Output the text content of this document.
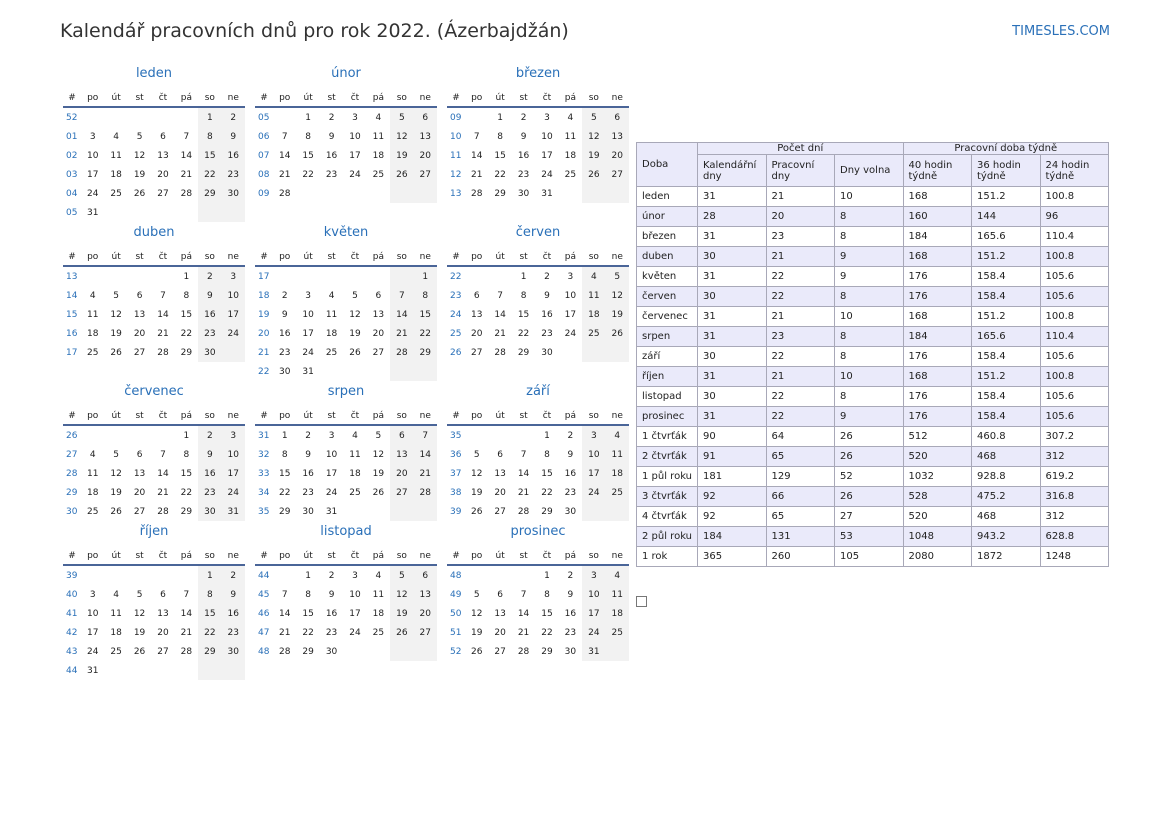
Kalendář pracovních dnů pro rok 2022. (Ázerbajdžán)	TIMESLES.COM
leden
#	po	út	st	čt	pá	so	ne
52						1	2
01	3	4	5	6	7	8	9
02	10	11	12	13	14	15	16
03	17	18	19	20	21	22	23
04	24	25	26	27	28	29	30
05	31						
únor
#	po	út	st	čt	pá	so	ne
05		1	2	3	4	5	6
06	7	8	9	10	11	12	13
07	14	15	16	17	18	19	20
08	21	22	23	24	25	26	27
09	28						
březen
#	po	út	st	čt	pá	so	ne
09		1	2	3	4	5	6
10	7	8	9	10	11	12	13
11	14	15	16	17	18	19	20
12	21	22	23	24	25	26	27
13	28	29	30	31			
duben
#	po	út	st	čt	pá	so	ne
13					1	2	3
14	4	5	6	7	8	9	10
15	11	12	13	14	15	16	17
16	18	19	20	21	22	23	24
17	25	26	27	28	29	30	
květen
#	po	út	st	čt	pá	so	ne
17							1
18	2	3	4	5	6	7	8
19	9	10	11	12	13	14	15
20	16	17	18	19	20	21	22
21	23	24	25	26	27	28	29
22	30	31					
červen
#	po	út	st	čt	pá	so	ne
22			1	2	3	4	5
23	6	7	8	9	10	11	12
24	13	14	15	16	17	18	19
25	20	21	22	23	24	25	26
26	27	28	29	30			
červenec
#	po	út	st	čt	pá	so	ne
26					1	2	3
27	4	5	6	7	8	9	10
28	11	12	13	14	15	16	17
29	18	19	20	21	22	23	24
30	25	26	27	28	29	30	31
srpen
#	po	út	st	čt	pá	so	ne
31	1	2	3	4	5	6	7
32	8	9	10	11	12	13	14
33	15	16	17	18	19	20	21
34	22	23	24	25	26	27	28
35	29	30	31				
září
#	po	út	st	čt	pá	so	ne
35				1	2	3	4
36	5	6	7	8	9	10	11
37	12	13	14	15	16	17	18
38	19	20	21	22	23	24	25
39	26	27	28	29	30		
říjen
#	po	út	st	čt	pá	so	ne
39						1	2
40	3	4	5	6	7	8	9
41	10	11	12	13	14	15	16
42	17	18	19	20	21	22	23
43	24	25	26	27	28	29	30
44	31						
listopad
#	po	út	st	čt	pá	so	ne
44		1	2	3	4	5	6
45	7	8	9	10	11	12	13
46	14	15	16	17	18	19	20
47	21	22	23	24	25	26	27
48	28	29	30				
prosinec
#	po	út	st	čt	pá	so	ne
48				1	2	3	4
49	5	6	7	8	9	10	11
50	12	13	14	15	16	17	18
51	19	20	21	22	23	24	25
52	26	27	28	29	30	31	
Doba	Počet dní			Pracovní doba týdně		
	Kalendářní dny	Pracovní dny	Dny volna	40 hodin týdně	36 hodin týdně	24 hodin týdně
leden	31	21	10	168	151.2	100.8
únor	28	20	8	160	144	96
březen	31	23	8	184	165.6	110.4
duben	30	21	9	168	151.2	100.8
květen	31	22	9	176	158.4	105.6
červen	30	22	8	176	158.4	105.6
červenec	31	21	10	168	151.2	100.8
srpen	31	23	8	184	165.6	110.4
září	30	22	8	176	158.4	105.6
říjen	31	21	10	168	151.2	100.8
listopad	30	22	8	176	158.4	105.6
prosinec	31	22	9	176	158.4	105.6
1 čtvrťák	90	64	26	512	460.8	307.2
2 čtvrťák	91	65	26	520	468	312
1 půl roku	181	129	52	1032	928.8	619.2
3 čtvrťák	92	66	26	528	475.2	316.8
4 čtvrťák	92	65	27	520	468	312
2 půl roku	184	131	53	1048	943.2	628.8
1 rok	365	260	105	2080	1872	1248
